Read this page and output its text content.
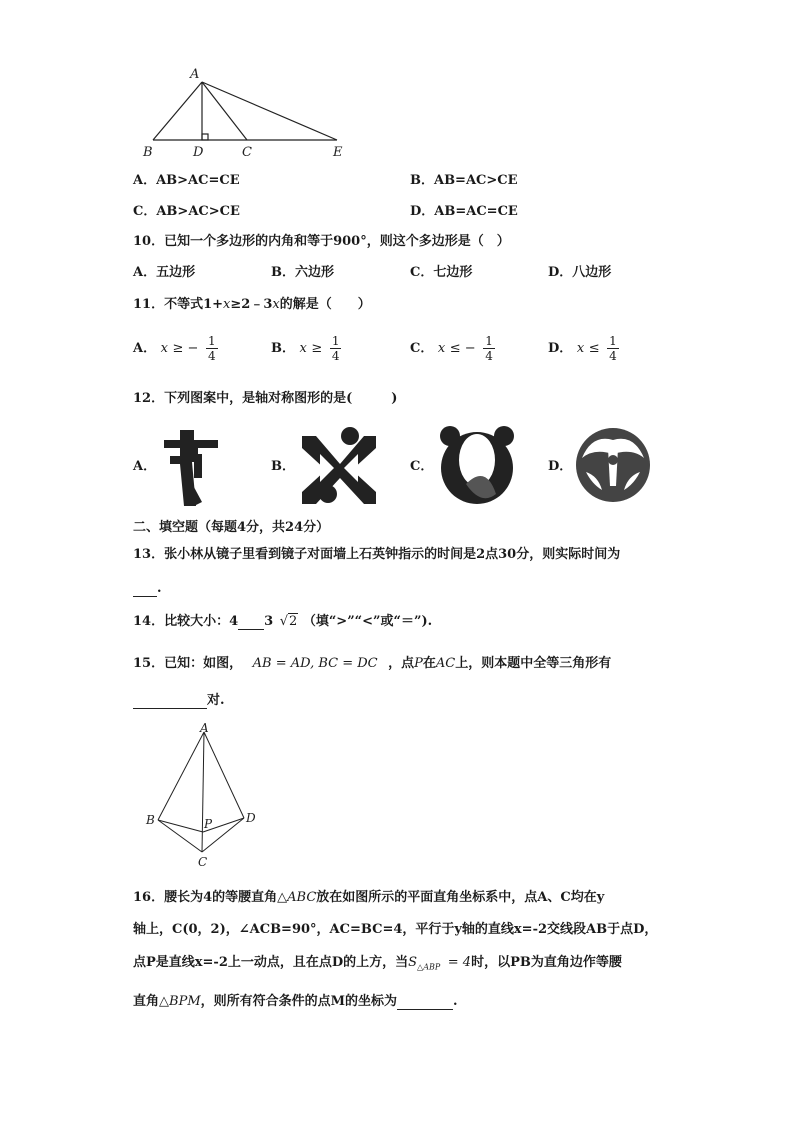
A
B	D	C	E
A．AB>AC=CE	B．AB=AC>CE
C．AB>AC>CE	D．AB=AC=CE
10．已知一个多边形的内角和等于900°，则这个多边形是（　）
A．五边形	B．六边形	C．七边形	D．八边形
11．不等式1+x≥2﹣3x的解是（　　）
A． x ≥ − $\frac{1}{4}$	B． $x \ge \frac{1}{4}$	C． x ≤ − $\frac{1}{4}$	D． $x \le \frac{1}{4}$
12．下列图案中，是轴对称图形的是(　　　)
A．	B．	C．	D．
二、填空题（每题4分，共24分）
13．张小林从镜子里看到镜子对面墙上石英钟指示的时间是2点30分，则实际时间为
.
14．比较大小：4 3 √2 （填“>”“<”或“＝”).
15．已知：如图， AB = AD, BC = DC ，点P在AC上，则本题中全等三角形有
对.
A
B	P	D
C
16．腰长为4的等腰直角△ABC放在如图所示的平面直角坐标系中，点A、C均在y
轴上，C(0，2)，∠ACB=90°，AC=BC=4，平行于y轴的直线x=-2交线段AB于点D，
点P是直线x=-2上一动点，且在点D的上方，当$S_{\triangle ABP} = 4$时，以PB为直角边作等腰
直角△BPM，则所有符合条件的点M的坐标为	.
